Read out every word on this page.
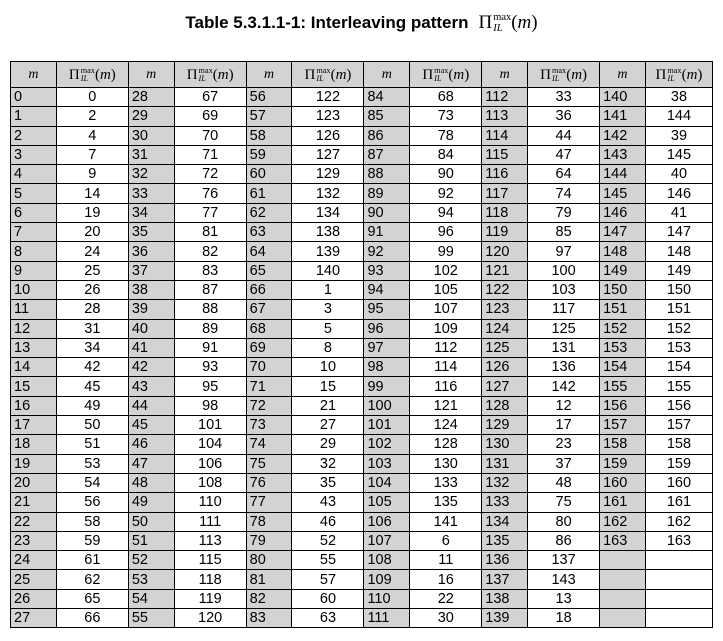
Table 5.3.1.1-1: Interleaving pattern Π max
IL (m)
m	Π max
IL (m)	m	Π max
IL (m)	m	Π max
IL (m)	m	Π max
IL (m)	m	Π max
IL (m)	m	Π max
IL (m)
0	0	28	67	56	122	84	68	112	33	140	38
1	2	29	69	57	123	85	73	113	36	141	144
2	4	30	70	58	126	86	78	114	44	142	39
3	7	31	71	59	127	87	84	115	47	143	145
4	9	32	72	60	129	88	90	116	64	144	40
5	14	33	76	61	132	89	92	117	74	145	146
6	19	34	77	62	134	90	94	118	79	146	41
7	20	35	81	63	138	91	96	119	85	147	147
8	24	36	82	64	139	92	99	120	97	148	148
9	25	37	83	65	140	93	102	121	100	149	149
10	26	38	87	66	1	94	105	122	103	150	150
11	28	39	88	67	3	95	107	123	117	151	151
12	31	40	89	68	5	96	109	124	125	152	152
13	34	41	91	69	8	97	112	125	131	153	153
14	42	42	93	70	10	98	114	126	136	154	154
15	45	43	95	71	15	99	116	127	142	155	155
16	49	44	98	72	21	100	121	128	12	156	156
17	50	45	101	73	27	101	124	129	17	157	157
18	51	46	104	74	29	102	128	130	23	158	158
19	53	47	106	75	32	103	130	131	37	159	159
20	54	48	108	76	35	104	133	132	48	160	160
21	56	49	110	77	43	105	135	133	75	161	161
22	58	50	111	78	46	106	141	134	80	162	162
23	59	51	113	79	52	107	6	135	86	163	163
24	61	52	115	80	55	108	11	136	137		
25	62	53	118	81	57	109	16	137	143		
26	65	54	119	82	60	110	22	138	13		
27	66	55	120	83	63	111	30	139	18		
